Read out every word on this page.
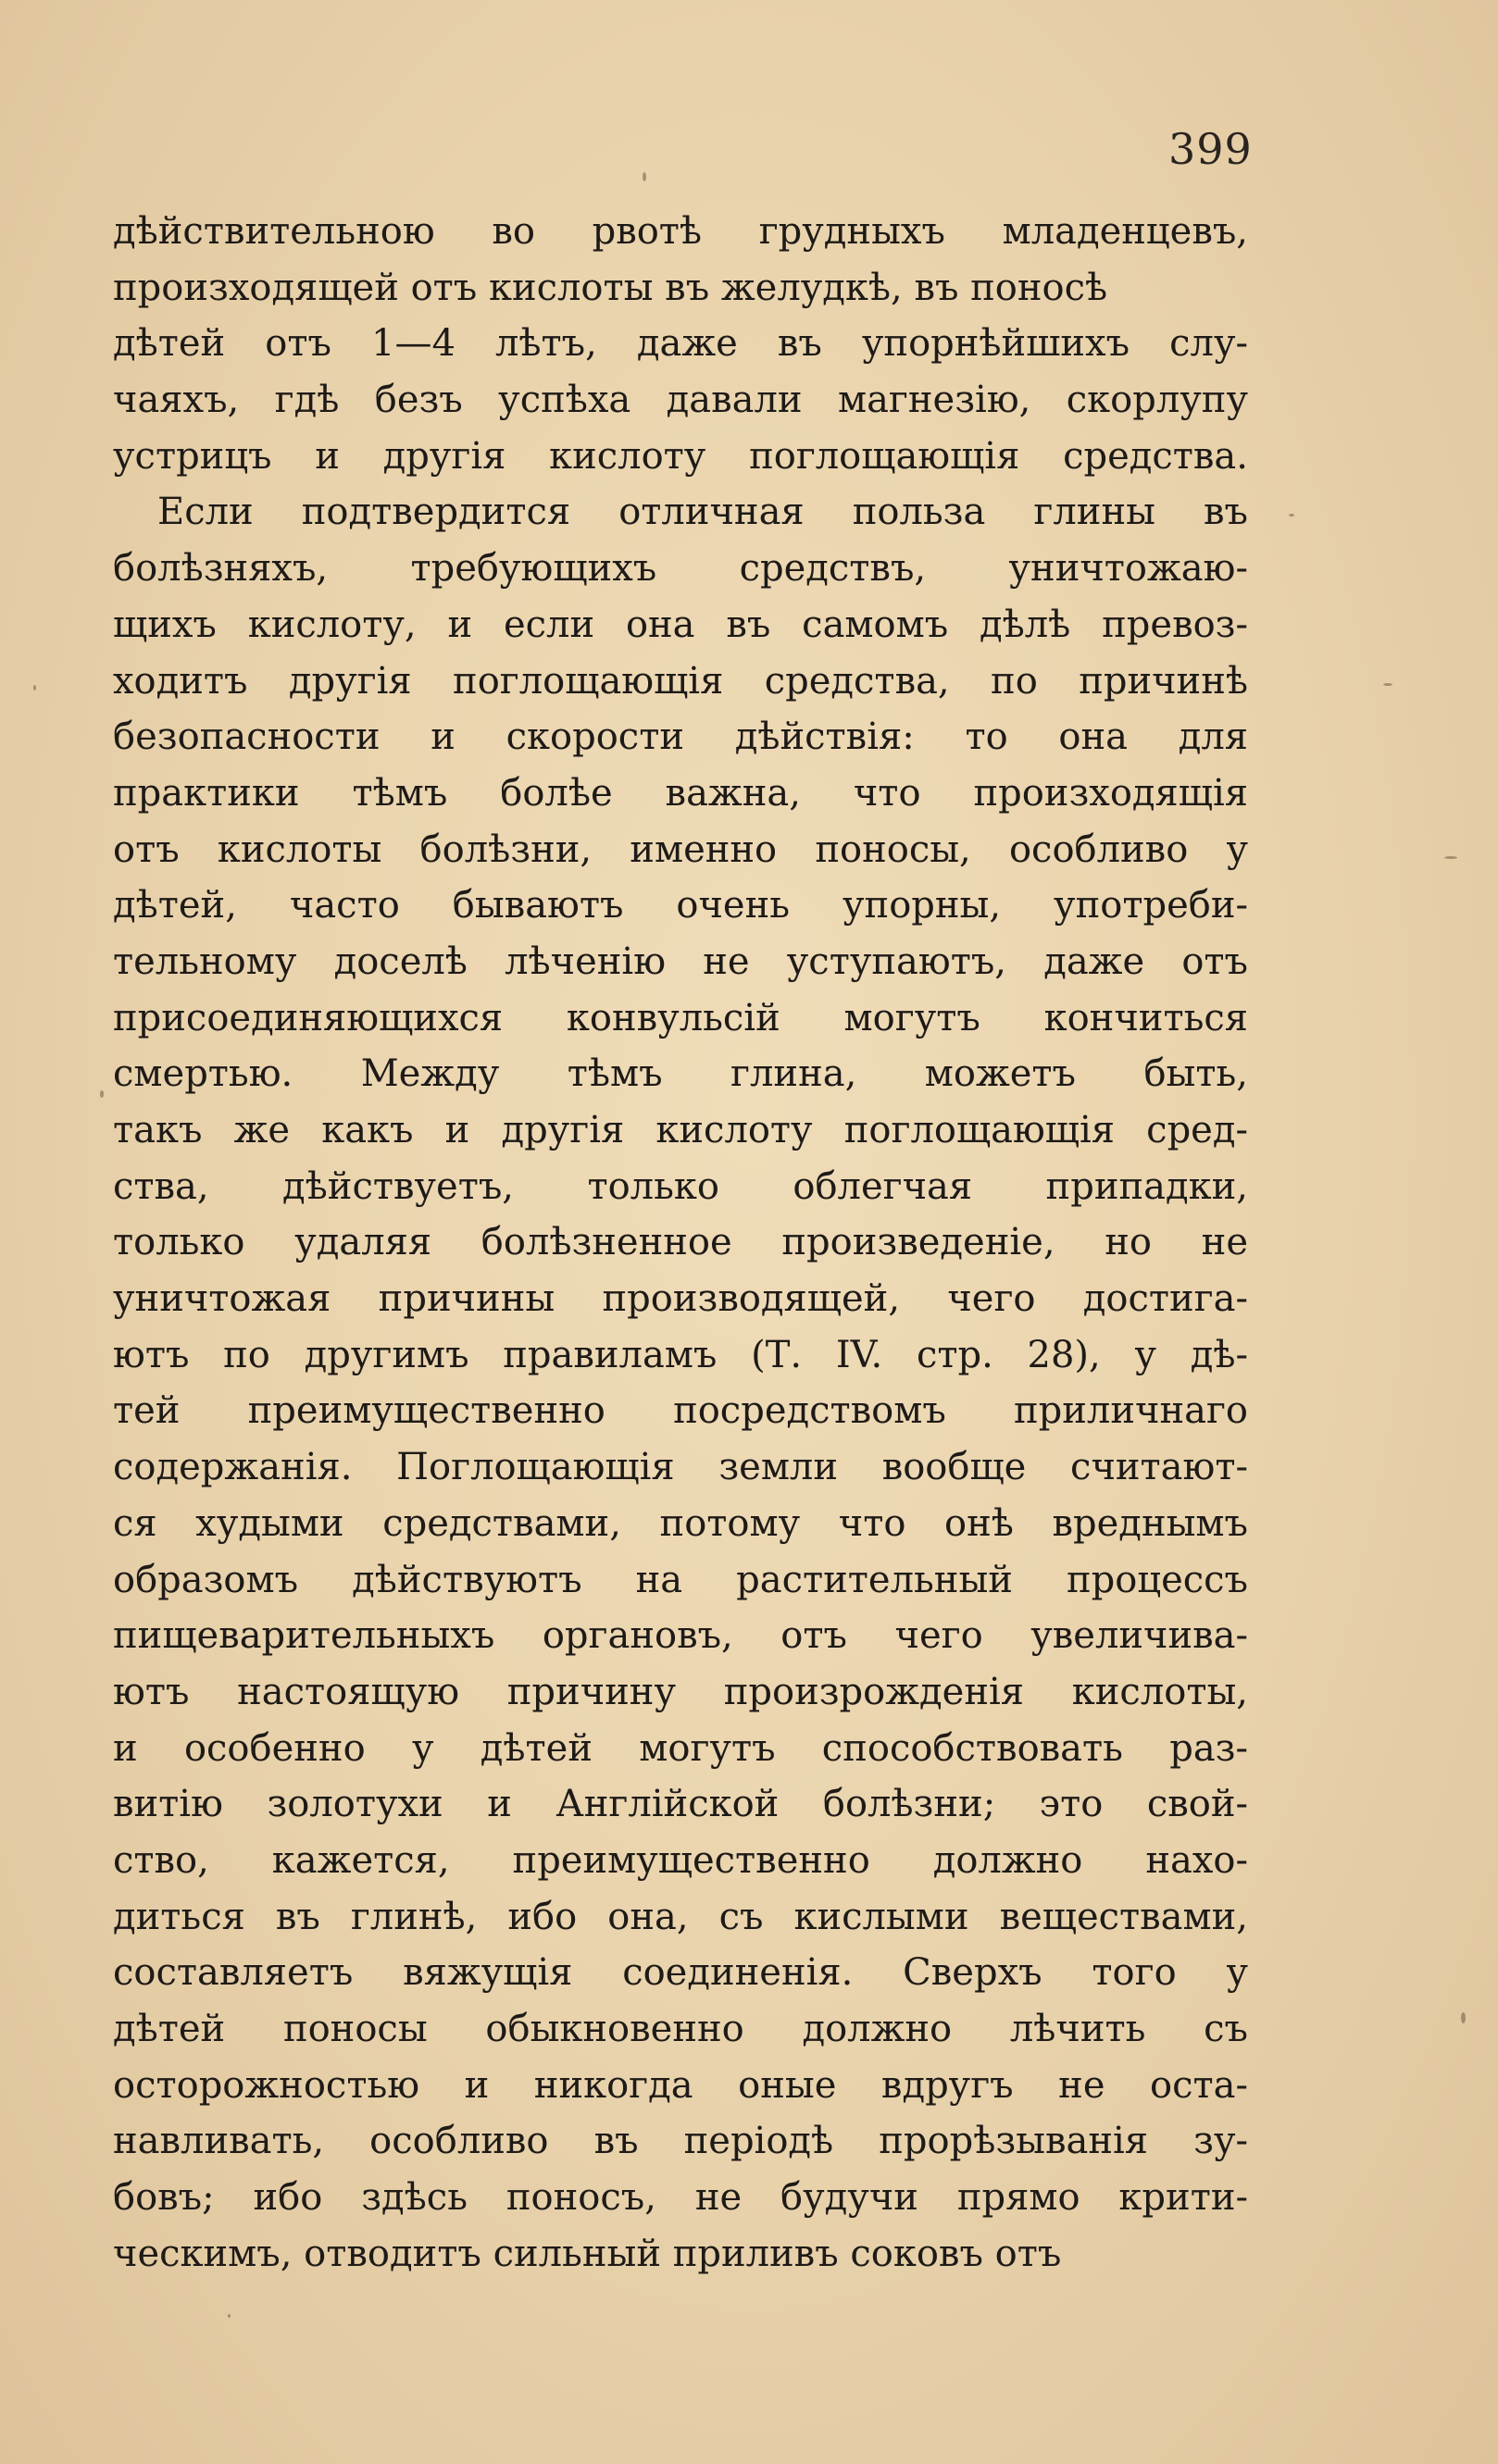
399
дѣйствительною во рвотѣ грудныхъ младенцевъ,
произходящей отъ кислоты въ желудкѣ, въ поносѣ
дѣтей отъ 1—4 лѣтъ, даже въ упорнѣйшихъ слу-
чаяхъ, гдѣ безъ успѣха давали магнезію, скорлупу
устрицъ и другія кислоту поглощающія средства.
Если подтвердится отличная польза глины въ
болѣзняхъ, требующихъ средствъ, уничтожаю-
щихъ кислоту, и если она въ самомъ дѣлѣ превоз-
ходитъ другія поглощающія средства, по причинѣ
безопасности и скорости дѣйствія: то она для
практики тѣмъ болѣе важна, что произходящія
отъ кислоты болѣзни, именно поносы, особливо у
дѣтей, часто бываютъ очень упорны, употреби-
тельному доселѣ лѣченію не уступаютъ, даже отъ
присоединяющихся конвульсій могутъ кончиться
смертью. Между тѣмъ глина, можетъ быть,
такъ же какъ и другія кислоту поглощающія сред-
ства, дѣйствуетъ, только облегчая припадки,
только удаляя болѣзненное произведеніе, но не
уничтожая причины производящей, чего достига-
ютъ по другимъ правиламъ (Т. IV. стр. 28), у дѣ-
тей преимущественно посредствомъ приличнаго
содержанія. Поглощающія земли вообще считают-
ся худыми средствами, потому что онѣ вреднымъ
образомъ дѣйствуютъ на растительный процессъ
пищеварительныхъ органовъ, отъ чего увеличива-
ютъ настоящую причину произрожденія кислоты,
и особенно у дѣтей могутъ способствовать раз-
витію золотухи и Англійской болѣзни; это свой-
ство, кажется, преимущественно должно нахо-
диться въ глинѣ, ибо она, съ кислыми веществами,
составляетъ вяжущія соединенія. Сверхъ того у
дѣтей поносы обыкновенно должно лѣчить съ
осторожностью и никогда оные вдругъ не оста-
навливать, особливо въ періодѣ прорѣзыванія зу-
бовъ; ибо здѣсь поносъ, не будучи прямо крити-
ческимъ, отводитъ сильный приливъ соковъ отъ
